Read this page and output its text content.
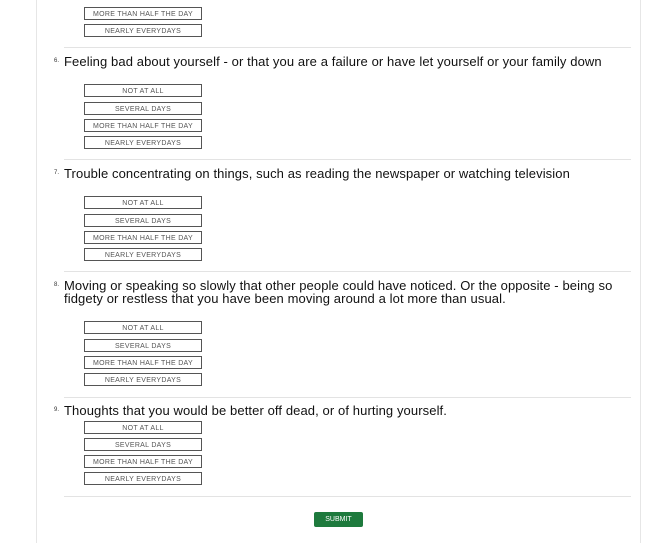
MORE THAN HALF THE DAY
NEARLY EVERYDAYS
6. Feeling bad about yourself - or that you are a failure or have let yourself or your family down
NOT AT ALL
SEVERAL DAYS
MORE THAN HALF THE DAY
NEARLY EVERYDAYS
7. Trouble concentrating on things, such as reading the newspaper or watching television
NOT AT ALL
SEVERAL DAYS
MORE THAN HALF THE DAY
NEARLY EVERYDAYS
8. Moving or speaking so slowly that other people could have noticed. Or the opposite - being so fidgety or restless that you have been moving around a lot more than usual.
NOT AT ALL
SEVERAL DAYS
MORE THAN HALF THE DAY
NEARLY EVERYDAYS
9. Thoughts that you would be better off dead, or of hurting yourself.
NOT AT ALL
SEVERAL DAYS
MORE THAN HALF THE DAY
NEARLY EVERYDAYS
SUBMIT
